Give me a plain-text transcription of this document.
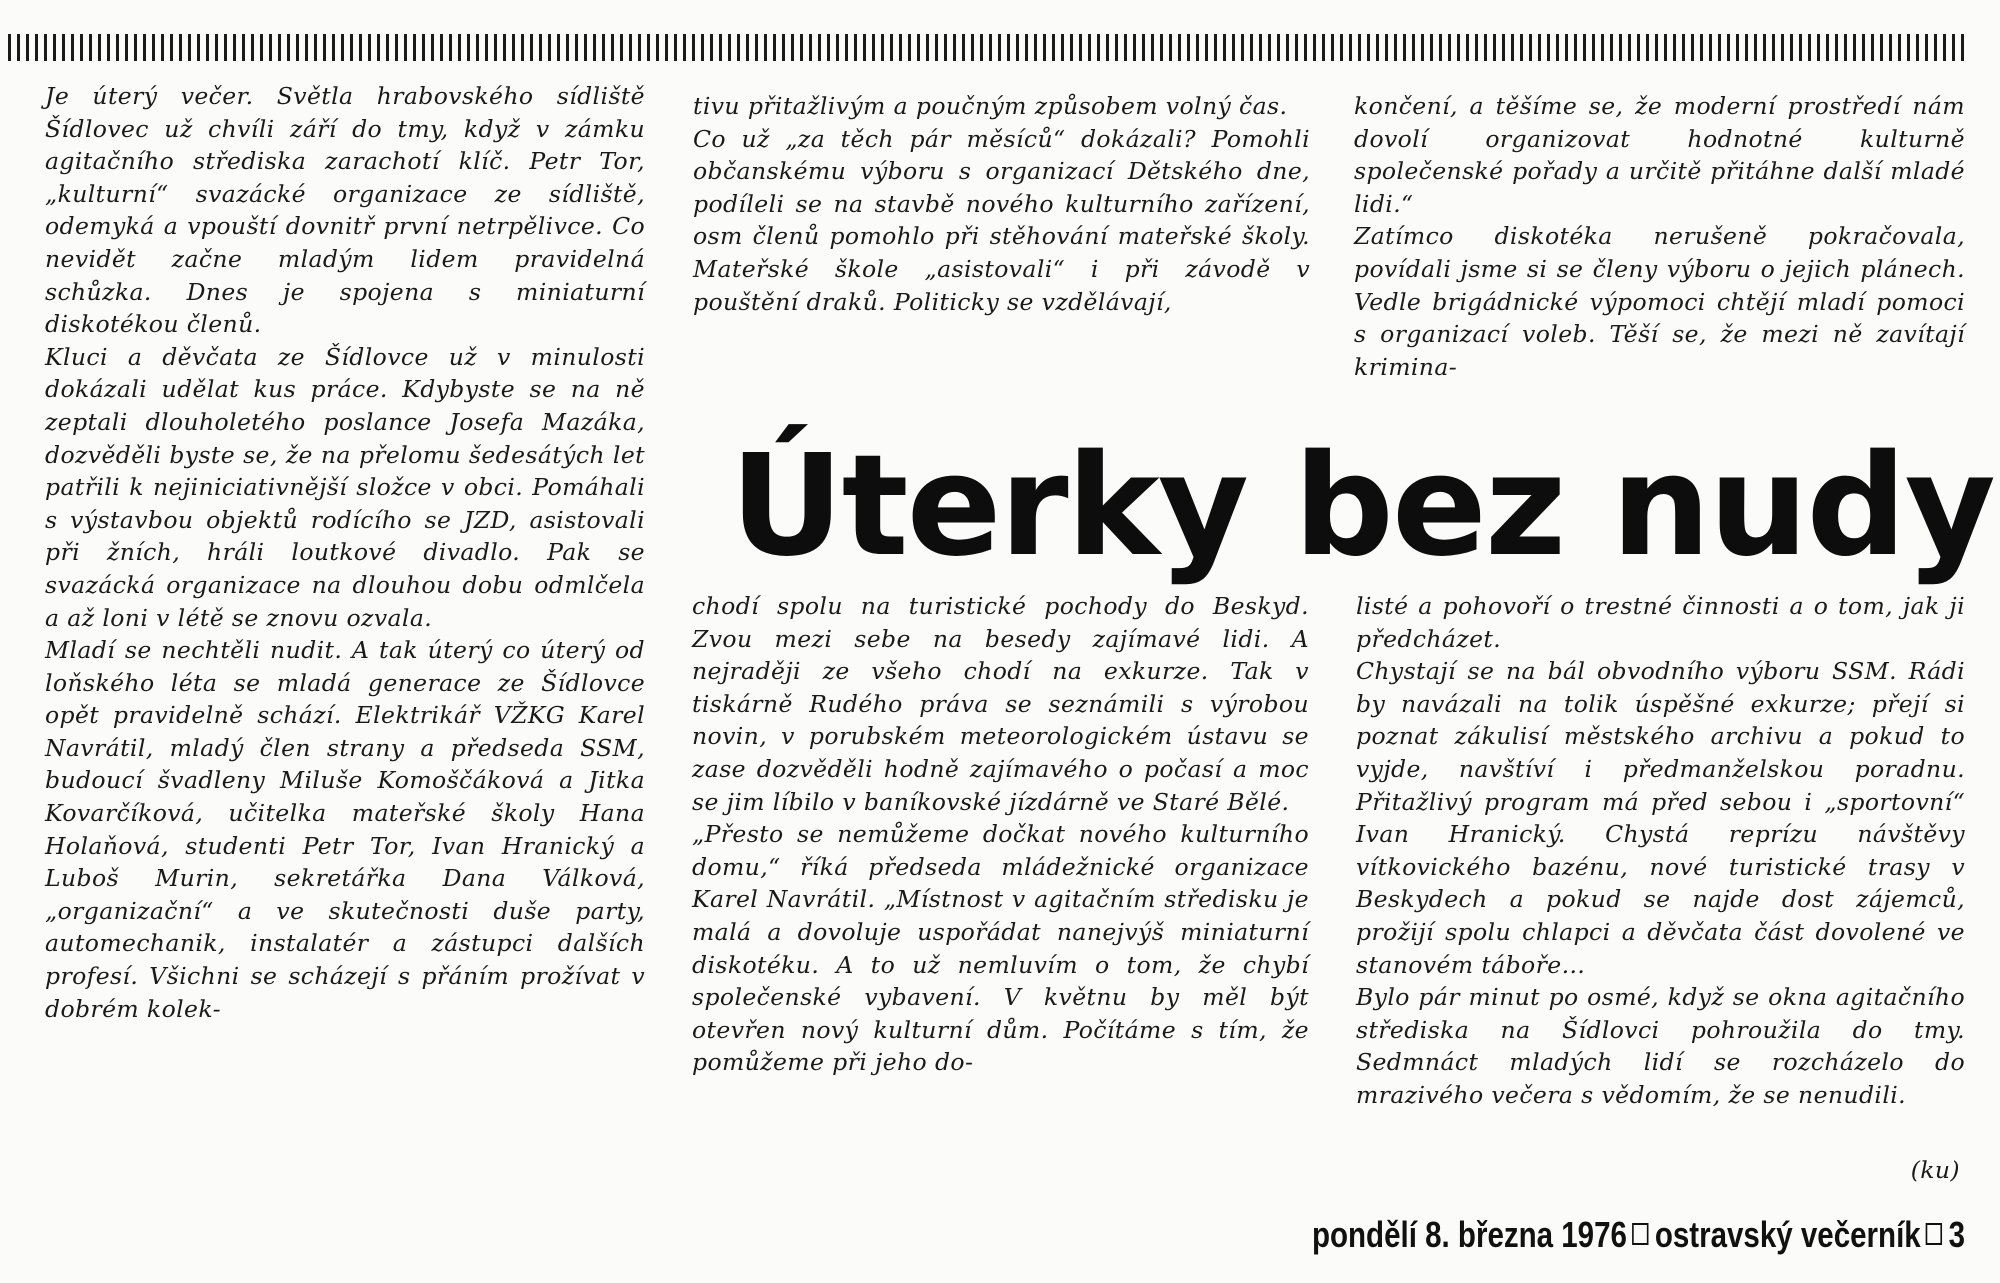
Je úterý večer. Světla hrabovského sídliště Šídlovec už chvíli září do tmy, když v zámku agitačního střediska zarachotí klíč. Petr Tor, „kulturní“ svazácké organizace ze sídliště, odemyká a vpouští dovnitř první netrpělivce. Co nevidět začne mladým lidem pravidelná schůzka. Dnes je spojena s miniaturní diskotékou členů.
Kluci a děvčata ze Šídlovce už v minulosti dokázali udělat kus práce. Kdybyste se na ně zeptali dlouholetého poslance Josefa Mazáka, dozvěděli byste se, že na přelomu šedesátých let patřili k nejiniciativnější složce v obci. Pomáhali s výstavbou objektů rodícího se JZD, asistovali při žních, hráli loutkové divadlo. Pak se svazácká organizace na dlouhou dobu odmlčela a až loni v létě se znovu ozvala.
Mladí se nechtěli nudit. A tak úterý co úterý od loňského léta se mladá generace ze Šídlovce opět pravidelně schází. Elektrikář VŽKG Karel Navrátil, mladý člen strany a předseda SSM, budoucí švadleny Miluše Komoščáková a Jitka Kovarčíková, učitelka mateřské školy Hana Holaňová, studenti Petr Tor, Ivan Hranický a Luboš Murin, sekretářka Dana Válková, „organizační“ a ve skutečnosti duše party, automechanik, instalatér a zástupci dalších profesí. Všichni se scházejí s přáním prožívat v dobrém kolek-

tivu přitažlivým a poučným způsobem volný čas.
Co už „za těch pár měsíců“ dokázali? Pomohli občanskému výboru s organizací Dětského dne, podíleli se na stavbě nového kulturního zařízení, osm členů pomohlo při stěhování mateřské školy. Mateřské škole „asistovali“ i při závodě v pouštění draků. Politicky se vzdělávají,

končení, a těšíme se, že moderní prostředí nám dovolí organizovat hodnotné kulturně společenské pořady a určitě přitáhne další mladé lidi.“
Zatímco diskotéka nerušeně pokračovala, povídali jsme si se členy výboru o jejich plánech. Vedle brigádnické výpomoci chtějí mladí pomoci s organizací voleb. Těší se, že mezi ně zavítají krimina-

Úterky bez nudy

chodí spolu na turistické pochody do Beskyd. Zvou mezi sebe na besedy zajímavé lidi. A nejraději ze všeho chodí na exkurze. Tak v tiskárně Rudého práva se seznámili s výrobou novin, v porubském meteorologickém ústavu se zase dozvěděli hodně zajímavého o počasí a moc se jim líbilo v baníkovské jízdárně ve Staré Bělé.
„Přesto se nemůžeme dočkat nového kulturního domu,“ říká předseda mládežnické organizace Karel Navrátil. „Místnost v agitačním středisku je malá a dovoluje uspořádat nanejvýš miniaturní diskotéku. A to už nemluvím o tom, že chybí společenské vybavení. V květnu by měl být otevřen nový kulturní dům. Počítáme s tím, že pomůžeme při jeho do-

listé a pohovoří o trestné činnosti a o tom, jak ji předcházet.
Chystají se na bál obvodního výboru SSM. Rádi by navázali na tolik úspěšné exkurze; přejí si poznat zákulisí městského archivu a pokud to vyjde, navštíví i předmanželskou poradnu. Přitažlivý program má před sebou i „sportovní“ Ivan Hranický. Chystá reprízu návštěvy vítkovického bazénu, nové turistické trasy v Beskydech a pokud se najde dost zájemců, prožijí spolu chlapci a děvčata část dovolené ve stanovém táboře…
Bylo pár minut po osmé, když se okna agitačního střediska na Šídlovci pohroužila do tmy. Sedmnáct mladých lidí se rozcházelo do mrazivého večera s vědomím, že se nenudili.

(ku)
pondělí 8. března 1976 ostravský večerník 3
